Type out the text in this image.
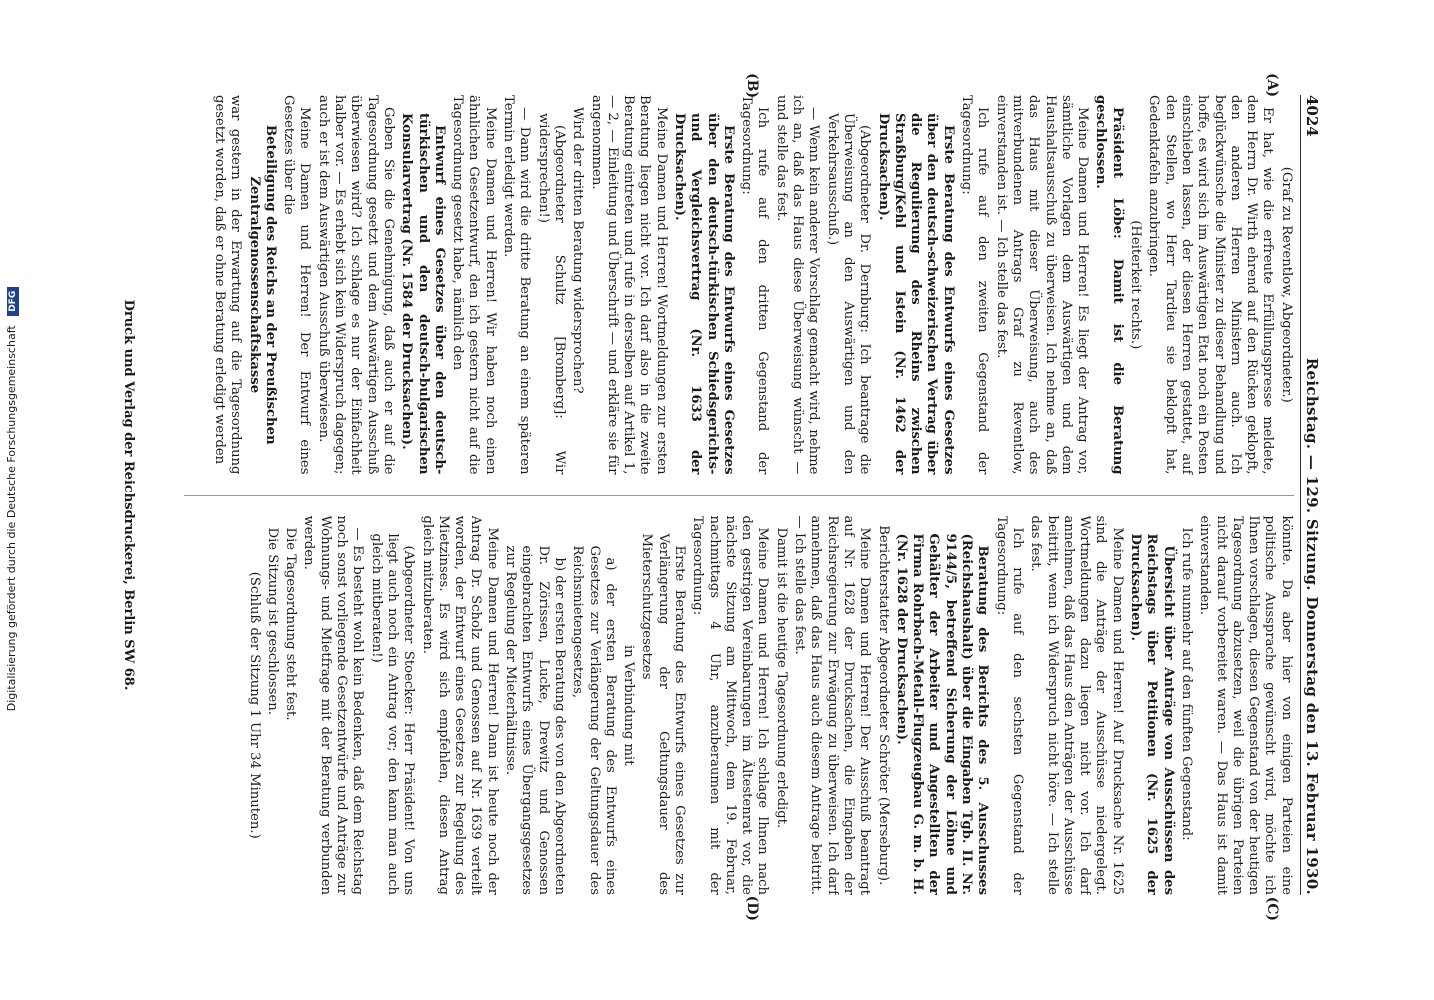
Digitalisierung gefördert durch die Deutsche Forschungsgemeinschaft DFG
4024
Reichstag. — 129. Sitzung. Donnerstag den 13. Februar 1930.

(Graf zu Reventlow, Abgeordneter.)

Er hat, wie die erfreute Erfüllungspresse meldete, dem Herrn Dr. Wirth ehrend auf den Rücken geklopft, den anderen Herren Ministern auch. Ich beglückwünsche die Minister zu dieser Behandlung und hoffe, es wird sich im Auswärtigen Etat noch ein Posten einschieben lassen, der diesen Herren gestattet, auf den Stellen, wo Herr Tardieu sie beklopft hat, Gedenktafeln anzubringen.

(Heiterkeit rechts.)

Präsident Löbe: Damit ist die Beratung geschlossen.

Meine Damen und Herren! Es liegt der Antrag vor, sämtliche Vorlagen dem Auswärtigen und dem Haushaltsausschuß zu überweisen. Ich nehme an, daß das Haus mit dieser Überweisung, auch des mitverbundenen Antrags Graf zu Reventlow, einverstanden ist. — Ich stelle das fest.

Ich rufe auf den zweiten Gegenstand der Tagesordnung:

Erste Beratung des Entwurfs eines Gesetzes über den deutsch-schweizerischen Vertrag über die Regulierung des Rheins zwischen Straßburg/Kehl und Istein (Nr. 1462 der Drucksachen).

(Abgeordneter Dr. Dernburg: Ich beantrage die Überweisung an den Auswärtigen und den Verkehrsausschuß.)

— Wenn kein anderer Vorschlag gemacht wird, nehme ich an, daß das Haus diese Überweisung wünscht — und stelle das fest.

Ich rufe auf den dritten Gegenstand der Tagesordnung:

Erste Beratung des Entwurfs eines Gesetzes über den deutsch-türkischen Schiedsgerichts- und Vergleichsvertrag (Nr. 1633 der Drucksachen).

Meine Damen und Herren! Wortmeldungen zur ersten Beratung liegen nicht vor. Ich darf also in die zweite Beratung eintreten und rufe in derselben auf Artikel 1, — 2, — Einleitung und Überschrift — und erkläre sie für angenommen.

Wird der dritten Beratung widersprochen?

(Abgeordneter Schultz [Bromberg]: Wir widersprechen!)

— Dann wird die dritte Beratung an einem späteren Termin erledigt werden.

Meine Damen und Herren! Wir haben noch einen ähnlichen Gesetzentwurf, den ich gestern nicht auf die Tagesordnung gesetzt habe, nämlich den

Entwurf eines Gesetzes über den deutsch-türkischen und den deutsch-bulgarischen Konsularvertrag (Nr. 1584 der Drucksachen).

Geben Sie die Genehmigung, daß auch er auf die Tagesordnung gesetzt und dem Auswärtigen Ausschuß überwiesen wird? Ich schlage es nur der Einfachheit halber vor. — Es erhebt sich kein Widerspruch dagegen; auch er ist dem Auswärtigen Ausschuß überwiesen.

Meine Damen und Herren! Der Entwurf eines Gesetzes über die

Beteiligung des Reichs an der Preußischen Zentralgenossenschaftskasse

war gestern in der Erwartung auf die Tagesordnung gesetzt worden, daß er ohne Beratung erledigt werden

könnte. Da aber hier von einigen Parteien eine politische Aussprache gewünscht wird, möchte ich Ihnen vorschlagen, diesen Gegenstand von der heutigen Tagesordnung abzusetzen, weil die übrigen Parteien nicht darauf vorbereitet waren. — Das Haus ist damit einverstanden.

Ich rufe nunmehr auf den fünften Gegenstand:

Übersicht über Anträge von Ausschüssen des Reichstags über Petitionen (Nr. 1625 der Drucksachen).

Meine Damen und Herren! Auf Drucksache Nr. 1625 sind die Anträge der Ausschüsse niedergelegt. Wortmeldungen dazu liegen nicht vor. Ich darf annehmen, daß das Haus den Anträgen der Ausschüsse beitritt, wenn ich Widerspruch nicht höre. — Ich stelle das fest.

Ich rufe auf den sechsten Gegenstand der Tagesordnung:

Beratung des Berichts des 5. Ausschusses (Reichshaushalt) über die Eingaben Tgb. II. Nr. 9144/5, betreffend Sicherung der Löhne und Gehälter der Arbeiter und Angestellten der Firma Rohrbach-Metall-Flugzeugbau G. m. b. H. (Nr. 1628 der Drucksachen).

Berichterstatter Abgeordneter Schröter (Merseburg).

Meine Damen und Herren! Der Ausschuß beantragt auf Nr. 1628 der Drucksachen, die Eingaben der Reichsregierung zur Erwägung zu überweisen. Ich darf annehmen, daß das Haus auch diesem Antrage beitritt. — Ich stelle das fest.

Damit ist die heutige Tagesordnung erledigt.

Meine Damen und Herren! Ich schlage Ihnen nach den gestrigen Vereinbarungen im Ältestenrat vor, die nächste Sitzung am Mittwoch, dem 19. Februar, nachmittags 4 Uhr, anzuberaumen mit der Tagesordnung:

Erste Beratung des Entwurfs eines Gesetzes zur Verlängerung der Geltungsdauer des Mieterschutzgesetzes

in Verbindung mit

a) der ersten Beratung des Entwurfs eines Gesetzes zur Verlängerung der Geltungsdauer des Reichsmietengesetzes,

b) der ersten Beratung des von den Abgeordneten Dr. Zörissen, Lucke, Drewitz und Genossen eingebrachten Entwurfs eines Übergangsgesetzes zur Regelung der Mieterhältnisse.

Meine Damen und Herren! Dann ist heute noch der Antrag Dr. Scholz und Genossen auf Nr. 1639 verteilt worden, der Entwurf eines Gesetzes zur Regelung des Mietzinses. Es wird sich empfehlen, diesen Antrag gleich mitzuberaten.

(Abgeordneter Stoecker: Herr Präsident! Von uns liegt auch noch ein Antrag vor; den kann man auch gleich mitberaten!)

— Es besteht wohl kein Bedenken, daß dem Reichstag noch sonst vorliegende Gesetzentwürfe und Anträge zur Wohnungs- und Mietfrage mit der Beratung verbunden werden.

Die Tagesordnung steht fest.

Die Sitzung ist geschlossen.

(Schluß der Sitzung 1 Uhr 34 Minuten.)

(A)
(B)
(C)
(D)
Druck und Verlag der Reichsdruckerei, Berlin SW 68.
